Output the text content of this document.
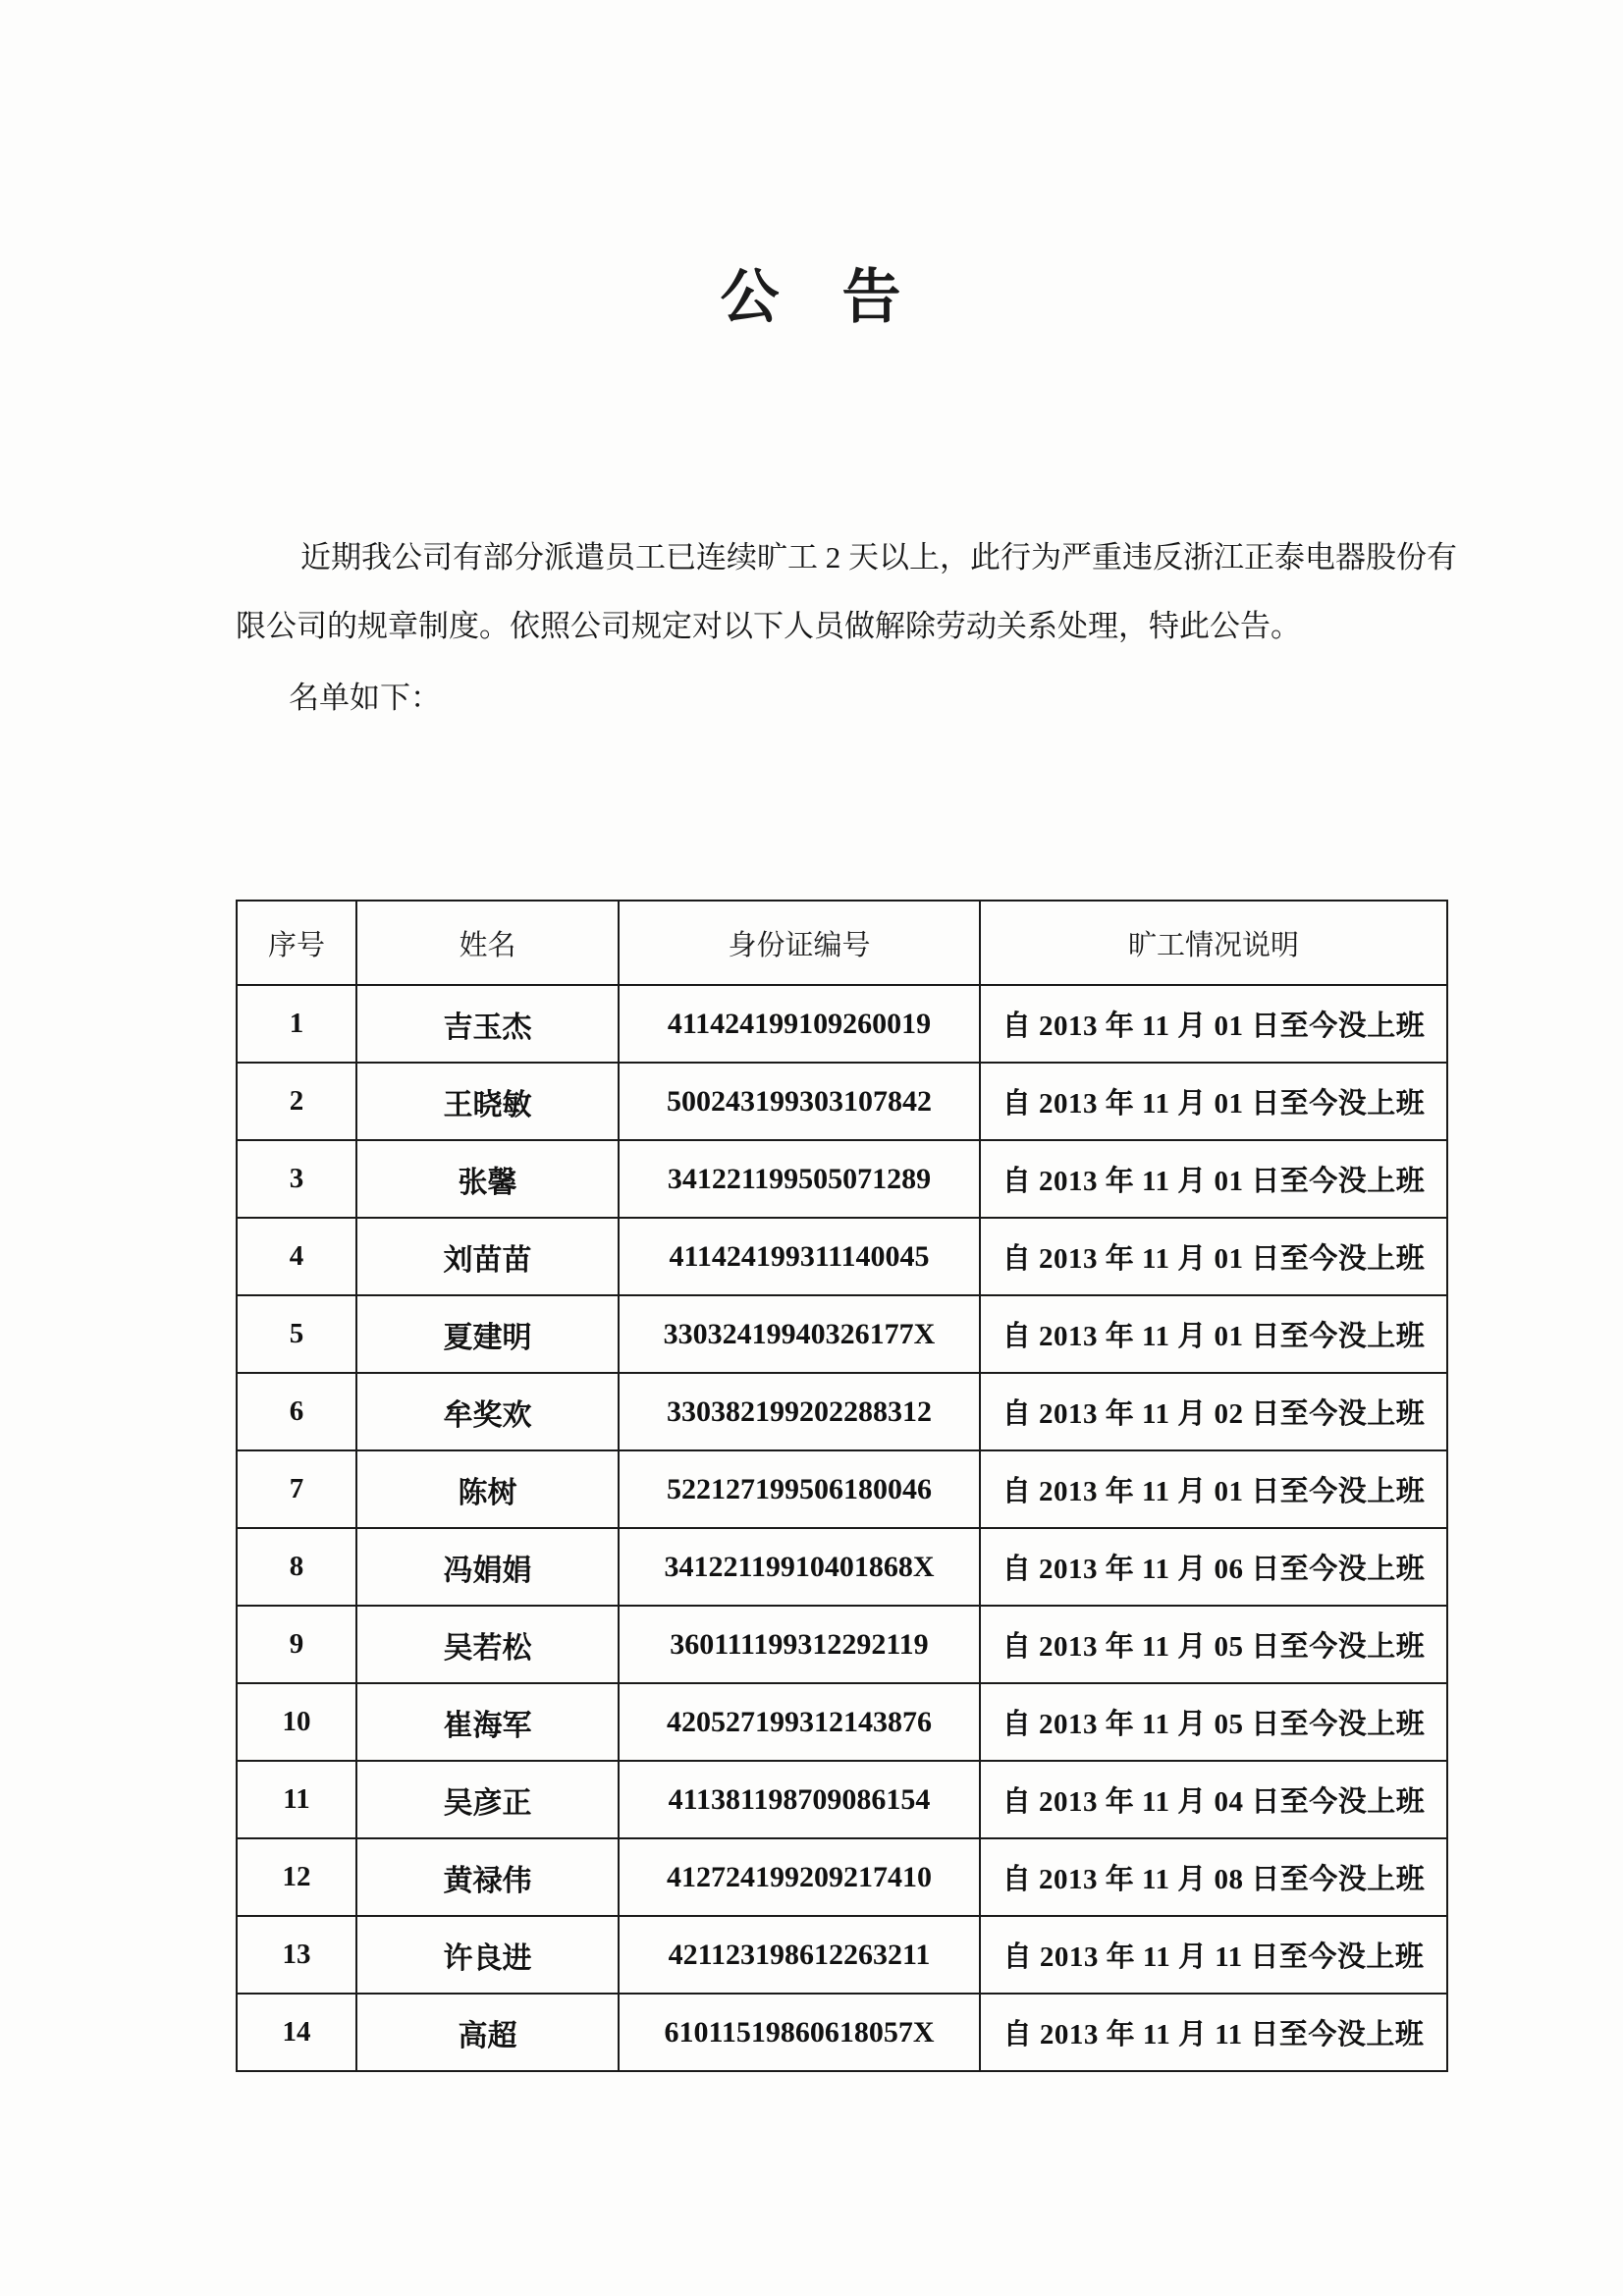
公　告
近期我公司有部分派遣员工已连续旷工 2 天以上，此行为严重违反浙江正泰电器股份有
限公司的规章制度。依照公司规定对以下人员做解除劳动关系处理，特此公告。
名单如下：
序号	姓名	身份证编号	旷工情况说明
1	吉玉杰	411424199109260019	自 2013 年 11 月 01 日至今没上班
2	王晓敏	500243199303107842	自 2013 年 11 月 01 日至今没上班
3	张馨	341221199505071289	自 2013 年 11 月 01 日至今没上班
4	刘苗苗	411424199311140045	自 2013 年 11 月 01 日至今没上班
5	夏建明	33032419940326177X	自 2013 年 11 月 01 日至今没上班
6	牟奖欢	330382199202288312	自 2013 年 11 月 02 日至今没上班
7	陈树	522127199506180046	自 2013 年 11 月 01 日至今没上班
8	冯娟娟	34122119910401868X	自 2013 年 11 月 06 日至今没上班
9	吴若松	360111199312292119	自 2013 年 11 月 05 日至今没上班
10	崔海军	420527199312143876	自 2013 年 11 月 05 日至今没上班
11	吴彦正	411381198709086154	自 2013 年 11 月 04 日至今没上班
12	黄禄伟	412724199209217410	自 2013 年 11 月 08 日至今没上班
13	许良进	421123198612263211	自 2013 年 11 月 11 日至今没上班
14	高超	61011519860618057X	自 2013 年 11 月 11 日至今没上班
